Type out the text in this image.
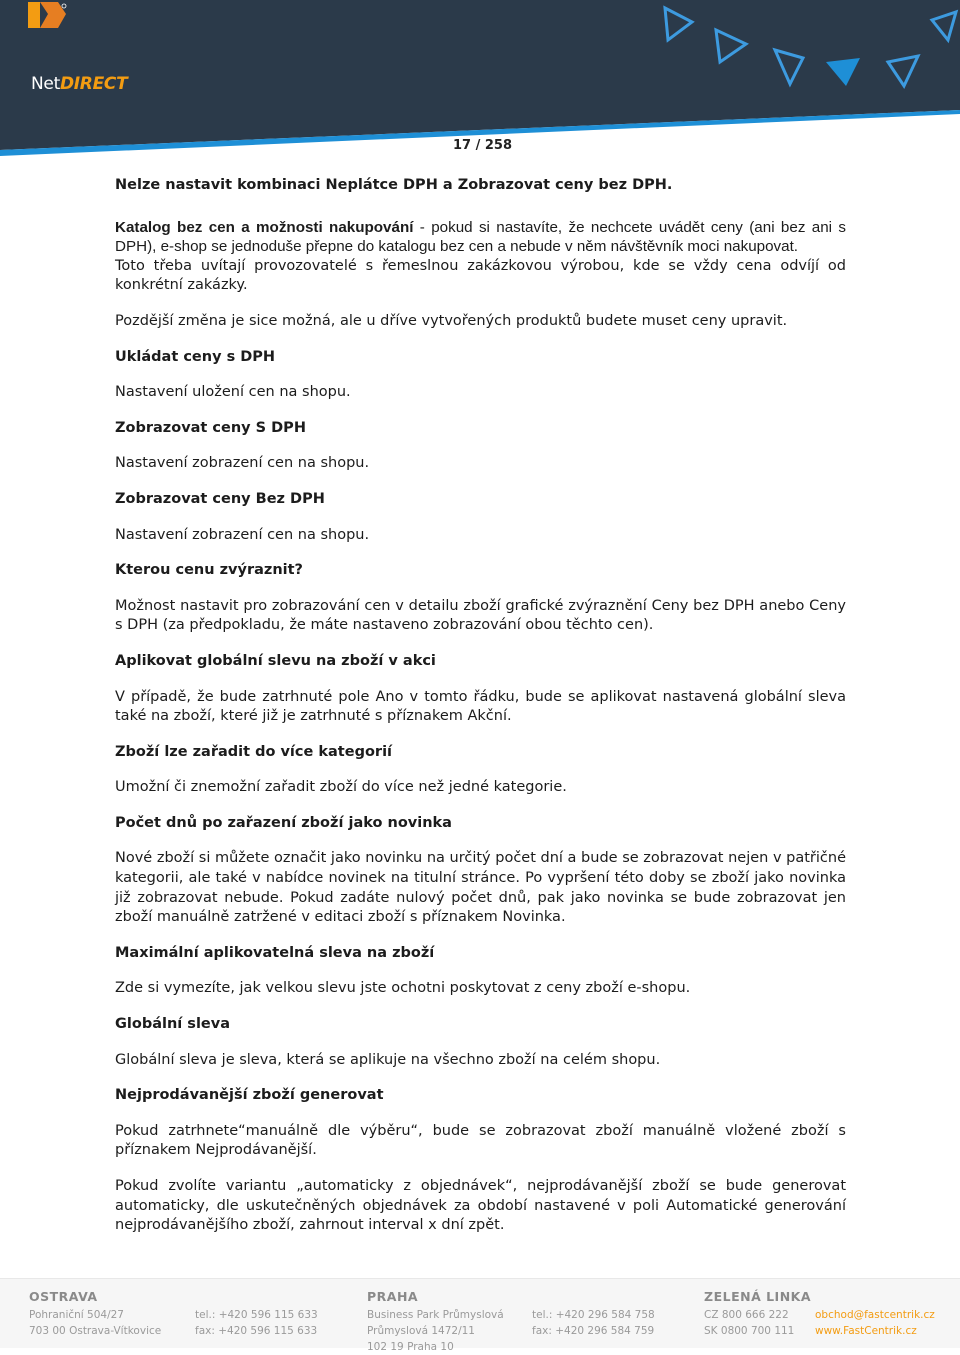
NetDIRECT
17 / 258

Nelze nastavit kombinaci Neplátce DPH a Zobrazovat ceny bez DPH.

Katalog bez cen a možnosti nakupování - pokud si nastavíte, že nechcete uvádět ceny (ani bez ani s DPH), e-shop se jednoduše přepne do katalogu bez cen a nebude v něm návštěvník moci nakupovat.

Toto třeba uvítají provozovatelé s řemeslnou zakázkovou výrobou, kde se vždy cena odvíjí od konkrétní zakázky.

Pozdější změna je sice možná, ale u dříve vytvořených produktů budete muset ceny upravit.

Ukládat ceny s DPH

Nastavení uložení cen na shopu.

Zobrazovat ceny S DPH

Nastavení zobrazení cen na shopu.

Zobrazovat ceny Bez DPH

Nastavení zobrazení cen na shopu.

Kterou cenu zvýraznit?

Možnost nastavit pro zobrazování cen v detailu zboží grafické zvýraznění Ceny bez DPH anebo Ceny s DPH (za předpokladu, že máte nastaveno zobrazování obou těchto cen).

Aplikovat globální slevu na zboží v akci

V případě, že bude zatrhnuté pole Ano v tomto řádku, bude se aplikovat nastavená globální sleva také na zboží, které již je zatrhnuté s příznakem Akční.

Zboží lze zařadit do více kategorií

Umožní či znemožní zařadit zboží do více než jedné kategorie.

Počet dnů po zařazení zboží jako novinka

Nové zboží si můžete označit jako novinku na určitý počet dní a bude se zobrazovat nejen v patřičné kategorii, ale také v nabídce novinek na titulní stránce. Po vypršení této doby se zboží jako novinka již zobrazovat nebude. Pokud zadáte nulový počet dnů, pak jako novinka se bude zobrazovat jen zboží manuálně zatržené v editaci zboží s příznakem Novinka.

Maximální aplikovatelná sleva na zboží

Zde si vymezíte, jak velkou slevu jste ochotni poskytovat z ceny zboží e-shopu.

Globální sleva

Globální sleva je sleva, která se aplikuje na všechno zboží na celém shopu.

Nejprodávanější zboží generovat

Pokud zatrhnete“manuálně dle výběru“, bude se zobrazovat zboží manuálně vložené zboží s příznakem Nejprodávanější.

Pokud zvolíte variantu „automaticky z objednávek“, nejprodávanější zboží se bude generovat automaticky, dle uskutečněných objednávek za období nastavené v poli Automatické generování nejprodávanějšího zboží, zahrnout interval x dní zpět.

OSTRAVA
Pohraniční 504/27
703 00 Ostrava-Vítkovice
tel.: +420 596 115 633
fax: +420 596 115 633
PRAHA
Business Park Průmyslová
Průmyslová 1472/11
102 19 Praha 10
tel.: +420 296 584 758
fax: +420 296 584 759
ZELENÁ LINKA
CZ 800 666 222
SK 0800 700 111
obchod@fastcentrik.cz
www.FastCentrik.cz
